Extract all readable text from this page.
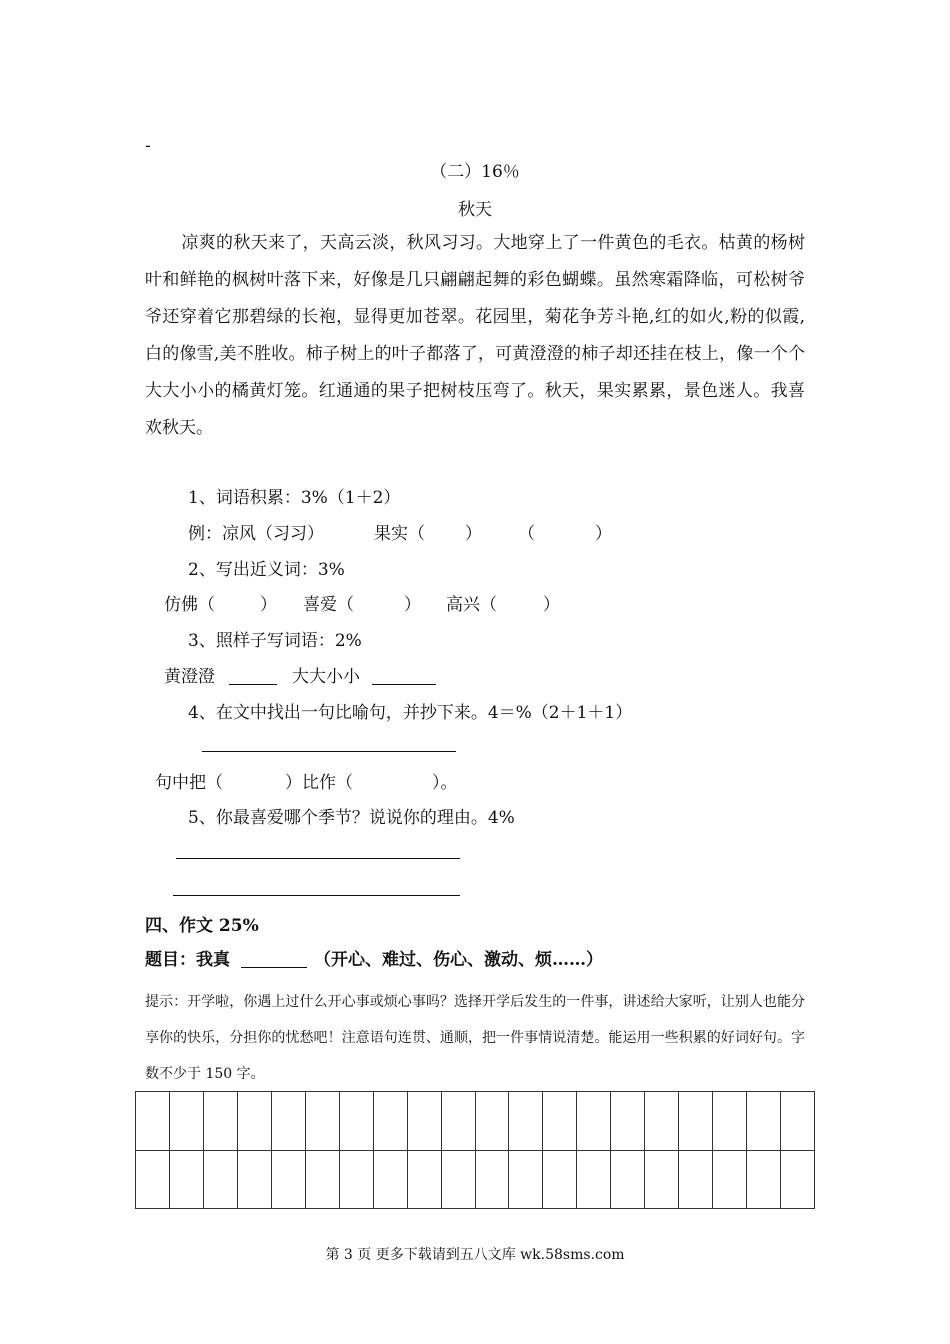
-
（二）16％
秋天
凉爽的秋天来了，天高云淡，秋风习习。大地穿上了一件黄色的毛衣。枯黄的杨树叶和鲜艳的枫树叶落下来，好像是几只翩翩起舞的彩色蝴蝶。虽然寒霜降临，可松树爷爷还穿着它那碧绿的长袍，显得更加苍翠。花园里，菊花争芳斗艳,红的如火,粉的似霞,白的像雪,美不胜收。柿子树上的叶子都落了，可黄澄澄的柿子却还挂在枝上，像一个个大大小小的橘黄灯笼。红通通的果子把树枝压弯了。秋天，果实累累，景色迷人。我喜欢秋天。
1、词语积累：3%（1＋2）
例：凉风（习习）	果实（ ） （	）
2、写出近义词：3%
仿佛（	） 喜爱（	） 高兴（	）
3、照样子写词语：2%
黄澄澄	大大小小
4、在文中找出一句比喻句，并抄下来。4＝%（2＋1＋1）
句中把（	）比作（	）。
5、你最喜爱哪个季节？说说你的理由。4%
四、作文 25%
题目：我真	（开心、难过、伤心、激动、烦……）
提示：开学啦，你遇上过什么开心事或烦心事吗？选择开学后发生的一件事，讲述给大家听，让别人也能分享你的快乐，分担你的忧愁吧！注意语句连贯、通顺，把一件事情说清楚。能运用一些积累的好词好句。字数不少于 150 字。
第 3 页 更多下载请到五八文库 wk.58sms.com
